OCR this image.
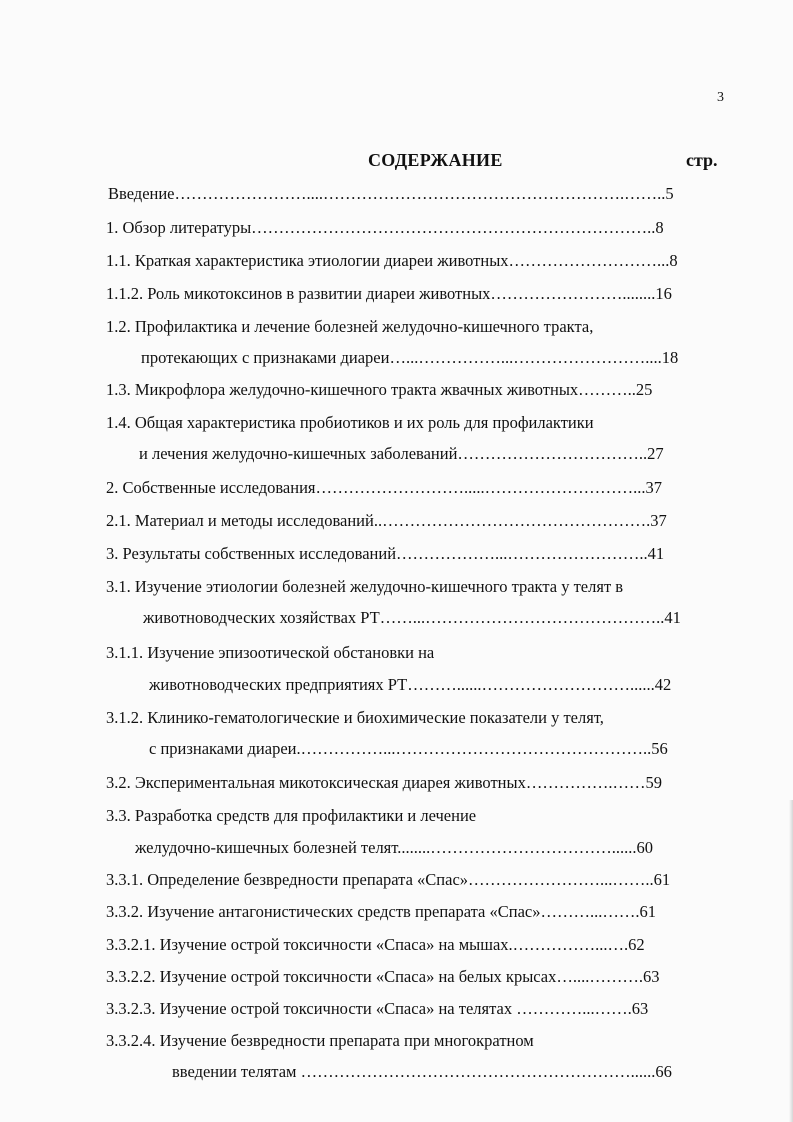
3
СОДЕРЖАНИЕ	стр.
Введение……………………....……………………………………………….……..5
1. Обзор литературы………………………………………………………………..8
1.1. Краткая характеристика этиологии диареи животных………………………...8
1.1.2. Роль микотоксинов в развитии диареи животных……………………........16
1.2. Профилактика и лечение болезней желудочно-кишечного тракта,
протекающих с признаками диареи…...……………...……………………....18
1.3. Микрофлора желудочно-кишечного тракта жвачных животных………..25
1.4. Общая характеристика пробиотиков и их роль для профилактики
и лечения желудочно-кишечных заболеваний……………………………..27
2. Собственные исследования……………………….....………………………...37
2.1. Материал и методы исследований..………………………………………….37
3. Результаты собственных исследований………………...……………………..41
3.1. Изучение этиологии болезней желудочно-кишечного тракта у телят в
животноводческих хозяйствах РТ……...……………………………………..41
3.1.1. Изучение эпизоотической обстановки на
животноводческих предприятиях РТ………......………………………......42
3.1.2. Клинико-гематологические и биохимические показатели у телят,
с признаками диареи.……………...………………………………………..56
3.2. Экспериментальная микотоксическая диарея животных…………….……59
3.3. Разработка средств для профилактики и лечение
желудочно-кишечных болезней телят........……………………………......60
3.3.1. Определение безвредности препарата «Спас»……………………...……..61
3.3.2. Изучение антагонистических средств препарата «Спас»………...…….61
3.3.2.1. Изучение острой токсичности «Спаса» на мышах.……………...….62
3.3.2.2. Изучение острой токсичности «Спаса» на белых крысах…....……….63
3.3.2.3. Изучение острой токсичности «Спаса» на телятах …………...…….63
3.3.2.4. Изучение безвредности препарата при многократном
введении телятам ……………………………………………………......66
